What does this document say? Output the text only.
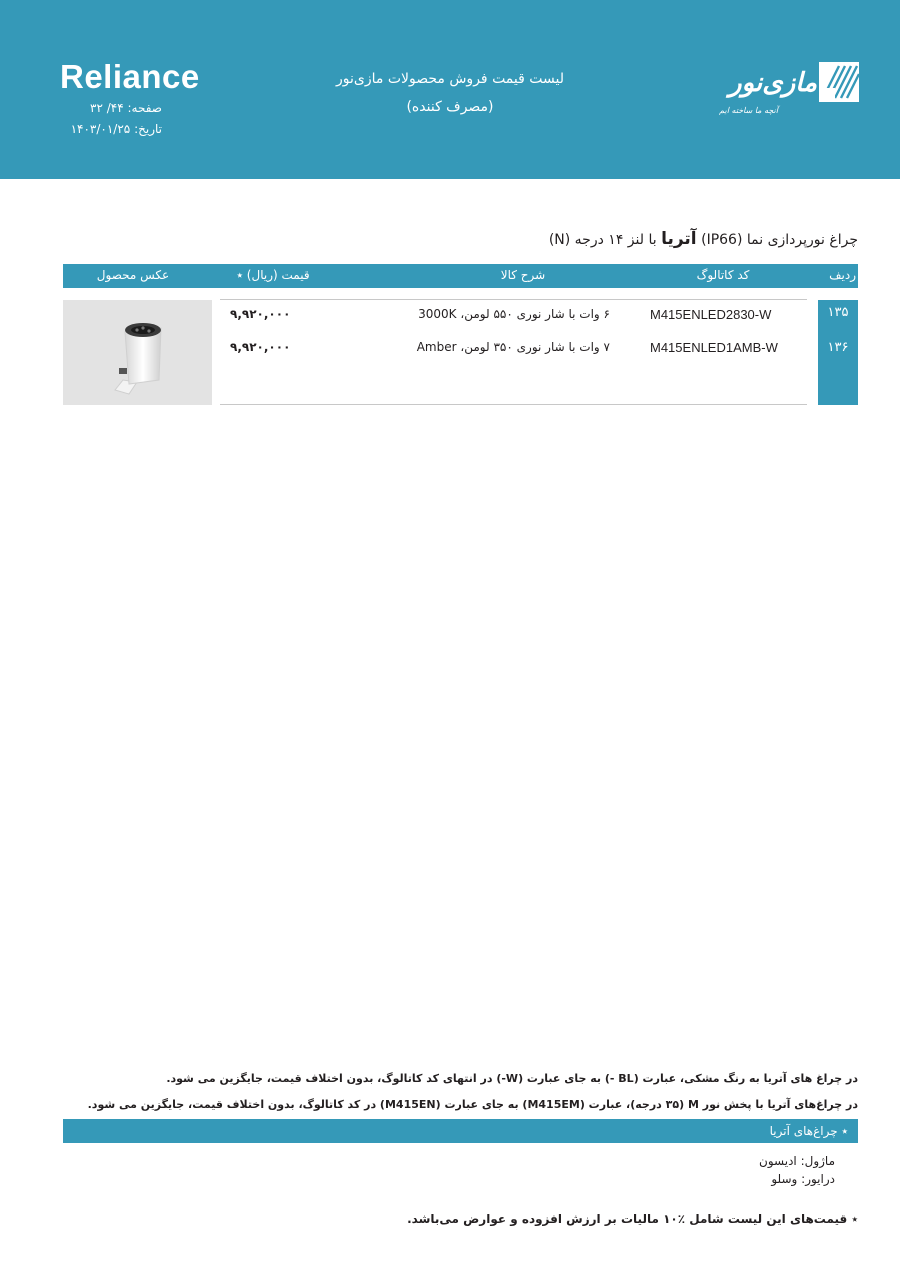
Reliance
صفحه: ۴۴/ ۳۲
تاریخ: ۱۴۰۳/۰۱/۲۵
لیست قیمت فروش محصولات مازی‌نور
(مصرف کننده)
مازی‌نور
آنچه ما ساخته ایم
چراغ نورپردازی نما (IP66) آتریا با لنز ۱۴ درجه (N)
ردیف
کد کاتالوگ
شرح کالا
قیمت (ریال) ٭
عکس محصول
۱۳۵
۱۳۶
M415ENLED2830-W
۶ وات با شار نوری ۵۵۰ لومن، 3000K
۹,۹۲۰,۰۰۰
M415ENLED1AMB-W
۷ وات با شار نوری ۳۵۰ لومن، Amber
۹,۹۲۰,۰۰۰
در چراغ های آتریا به رنگ مشکی، عبارت (BL -) به جای عبارت (W-) در انتهای کد کاتالوگ، بدون اختلاف قیمت، جایگزین می شود.
در چراغ‌های آتریا با پخش نور M (۳۵ درجه)، عبارت (M415EM) به جای عبارت (M415EN) در کد کاتالوگ، بدون اختلاف قیمت، جایگزین می شود.
٭ چراغ‌های آتریا
ماژول: ادیسون
درایور: وسلو
٭ قیمت‌های این لیست شامل ٪۱۰ مالیات بر ارزش افزوده و عوارض می‌باشد.
